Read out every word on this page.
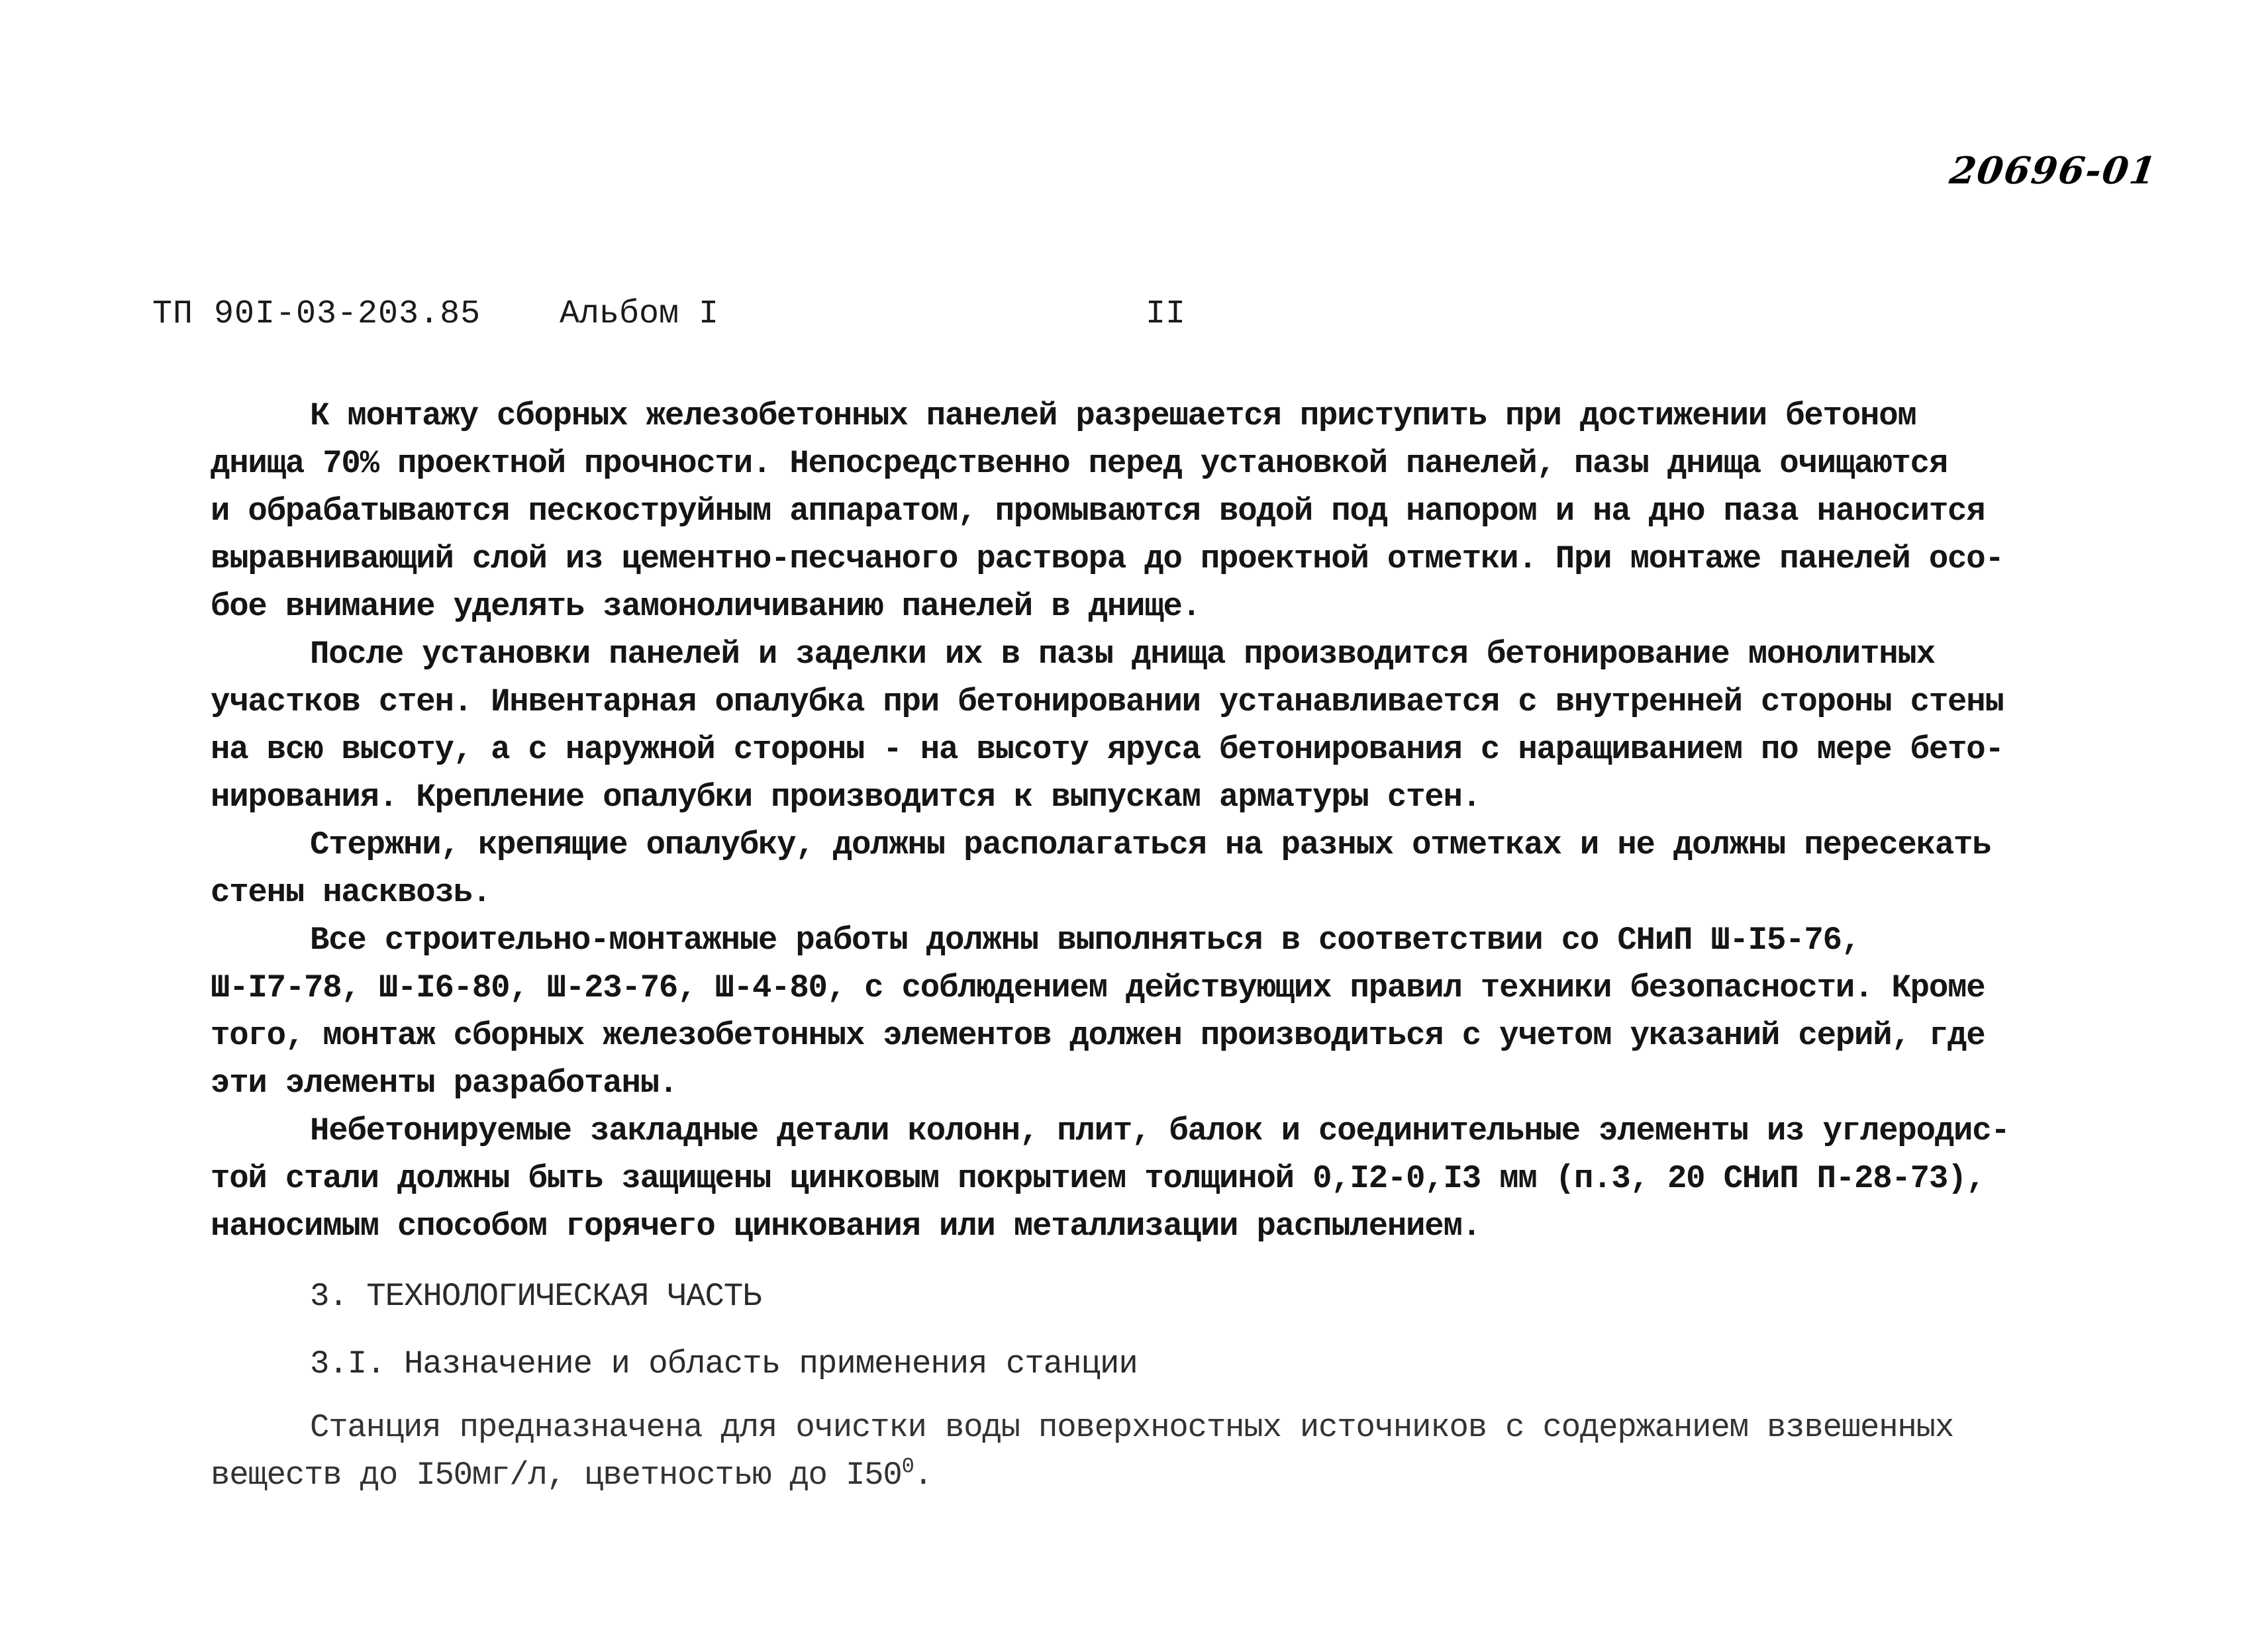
20696-01
ТП 90I-03-203.85 Альбом I	II
К монтажу сборных железобетонных панелей разрешается приступить при достижении бетоном
днища 70% проектной прочности. Непосредственно перед установкой панелей, пазы днища очищаются
и обрабатываются пескоструйным аппаратом, промываются водой под напором и на дно паза наносится
выравнивающий слой из цементно-песчаного раствора до проектной отметки. При монтаже панелей осо-
бое внимание уделять замоноличиванию панелей в днище.
После установки панелей и заделки их в пазы днища производится бетонирование монолитных
участков стен. Инвентарная опалубка при бетонировании устанавливается с внутренней стороны стены
на всю высоту, а с наружной стороны - на высоту яруса бетонирования с наращиванием по мере бето-
нирования. Крепление опалубки производится к выпускам арматуры стен.
Стержни, крепящие опалубку, должны располагаться на разных отметках и не должны пересекать
стены насквозь.
Все строительно-монтажные работы должны выполняться в соответствии со СНиП Ш-I5-76,
Ш-I7-78, Ш-I6-80, Ш-23-76, Ш-4-80, с соблюдением действующих правил техники безопасности. Кроме
того, монтаж сборных железобетонных элементов должен производиться с учетом указаний серий, где
эти элементы разработаны.
Небетонируемые закладные детали колонн, плит, балок и соединительные элементы из углеродис-
той стали должны быть защищены цинковым покрытием толщиной 0,I2-0,I3 мм (п.3, 20 СНиП П-28-73),
наносимым способом горячего цинкования или металлизации распылением.
3. ТЕХНОЛОГИЧЕСКАЯ ЧАСТЬ
3.I. Назначение и область применения станции
Станция предназначена для очистки воды поверхностных источников с содержанием взвешенных
веществ до I50мг/л, цветностью до $I50^0$.
